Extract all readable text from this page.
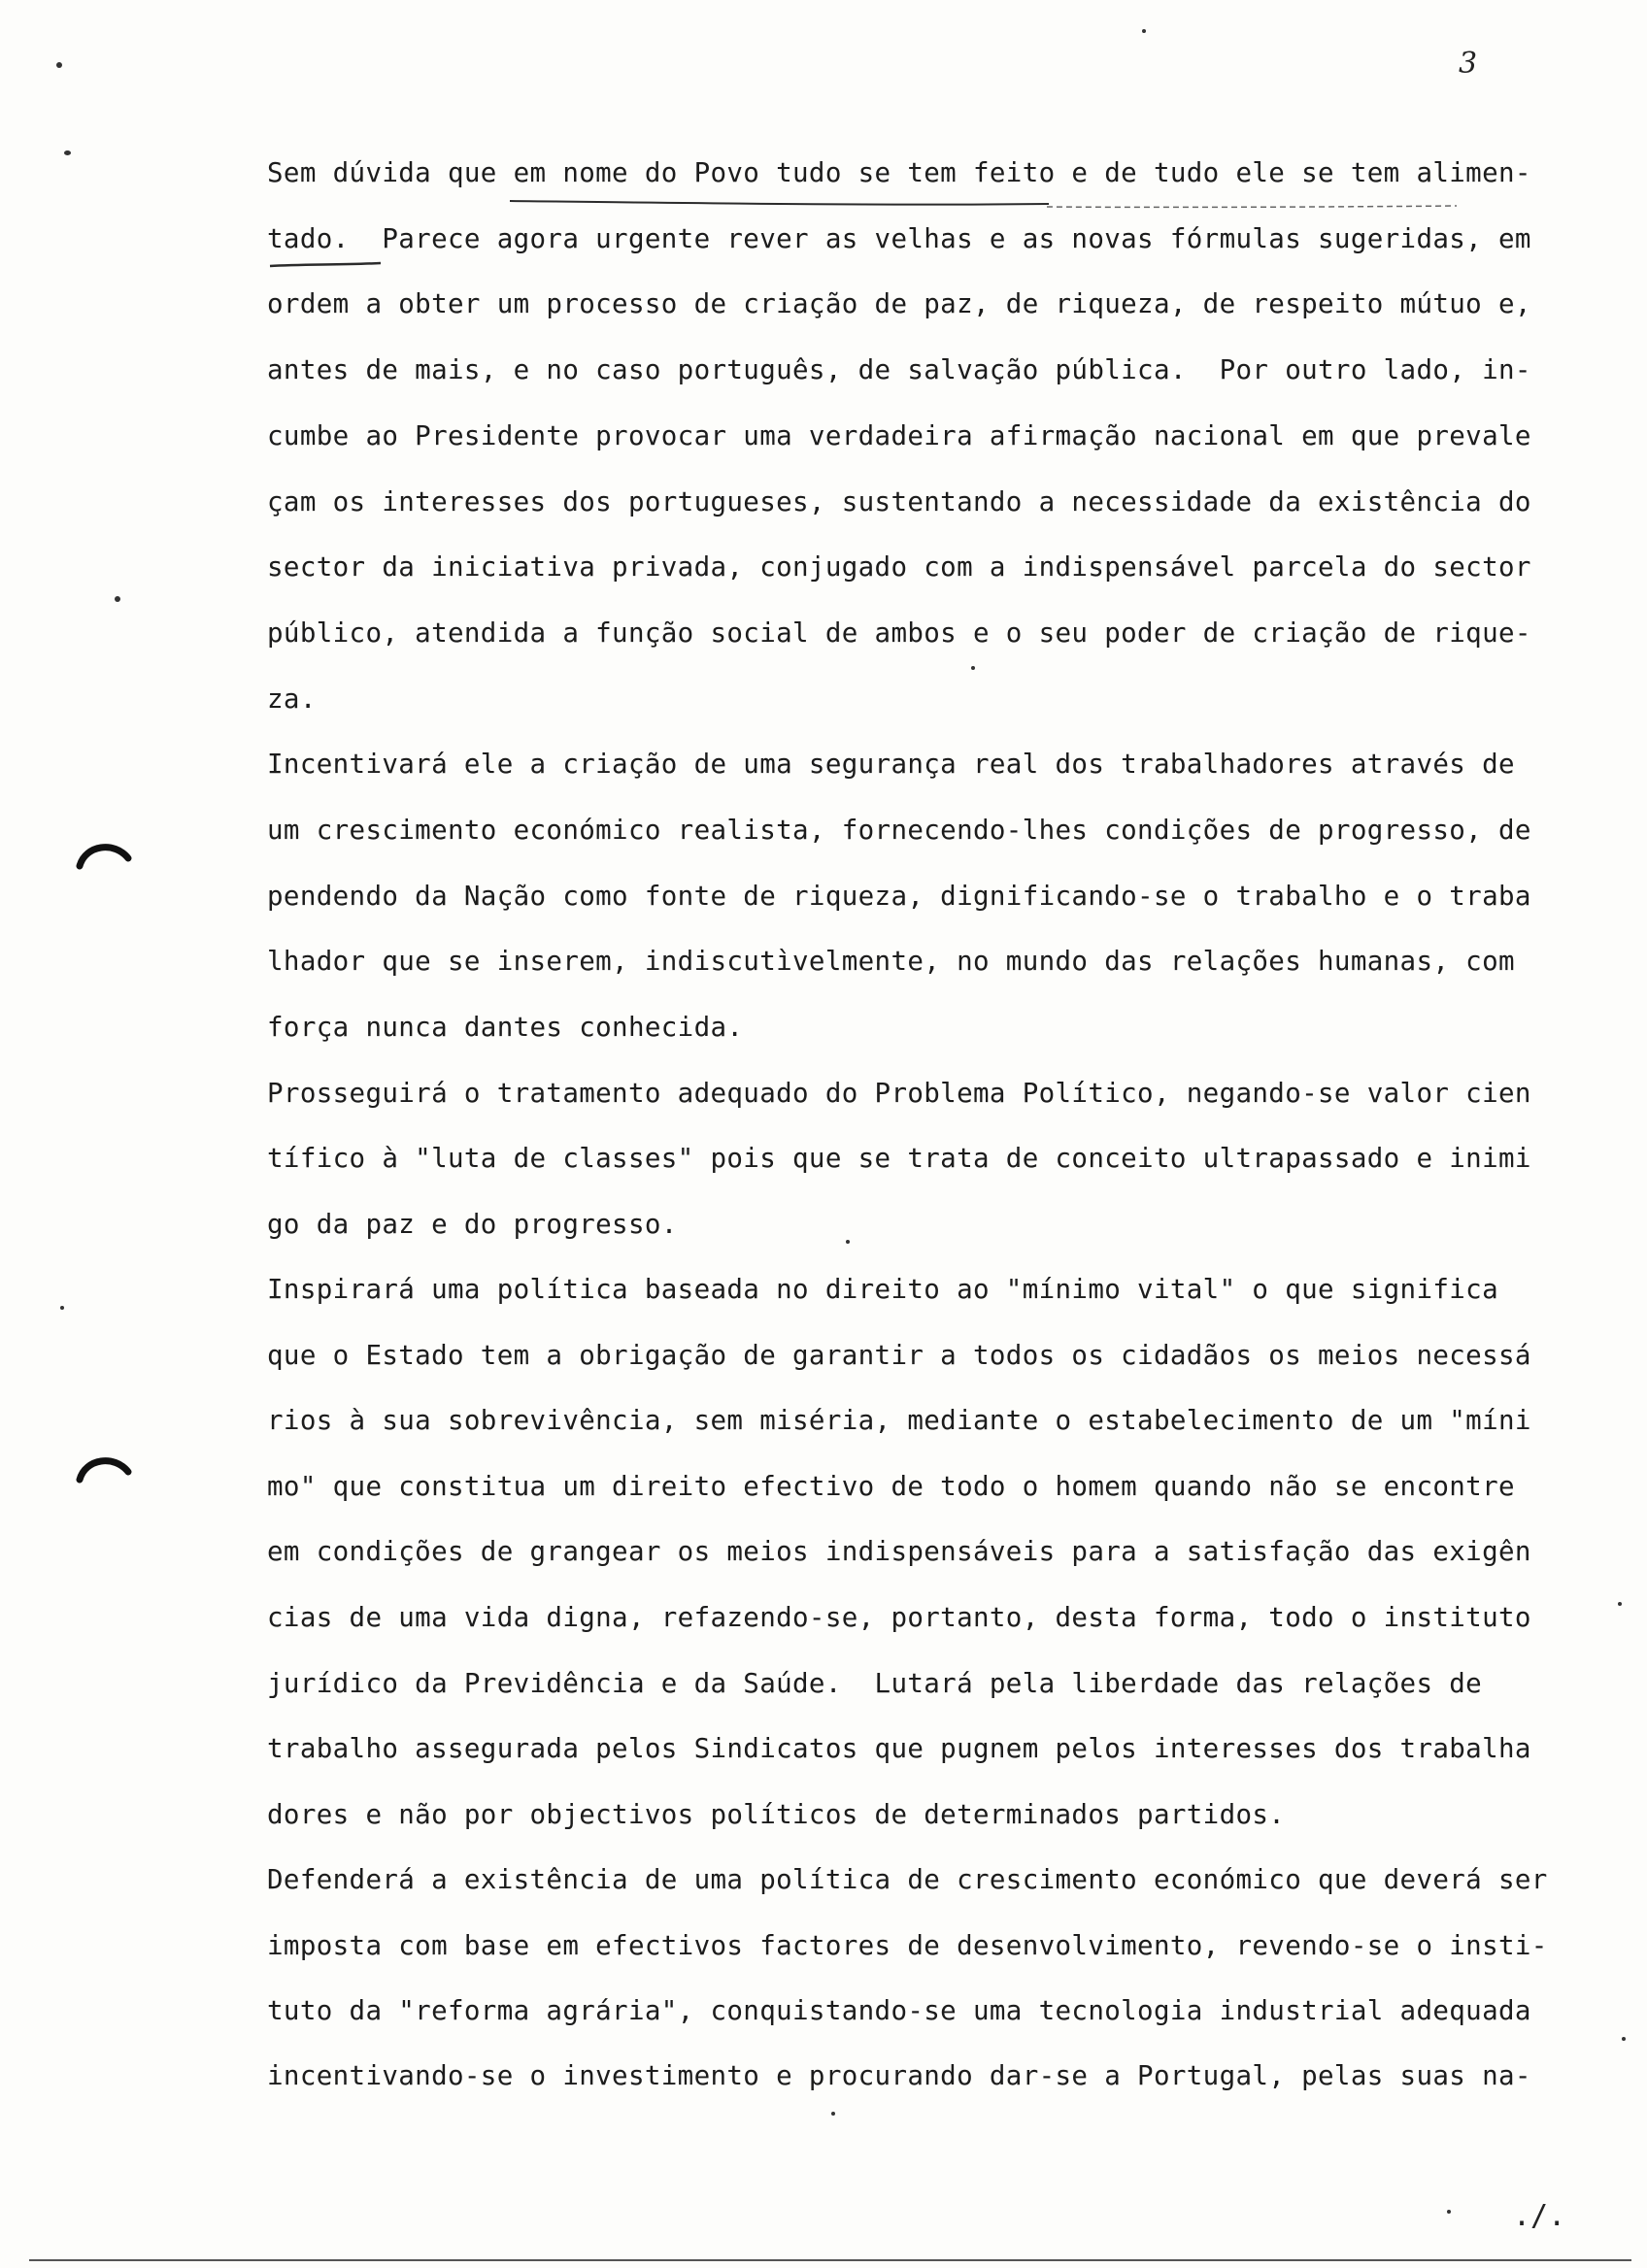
3
Sem dúvida que em nome do Povo tudo se tem feito e de tudo ele se tem alimen-
tado.  Parece agora urgente rever as velhas e as novas fórmulas sugeridas, em
ordem a obter um processo de criação de paz, de riqueza, de respeito mútuo e,
antes de mais, e no caso português, de salvação pública.  Por outro lado, in-
cumbe ao Presidente provocar uma verdadeira afirmação nacional em que prevale
çam os interesses dos portugueses, sustentando a necessidade da existência do
sector da iniciativa privada, conjugado com a indispensável parcela do sector
público, atendida a função social de ambos e o seu poder de criação de rique-
za.
Incentivará ele a criação de uma segurança real dos trabalhadores através de
um crescimento económico realista, fornecendo-lhes condições de progresso, de
pendendo da Nação como fonte de riqueza, dignificando-se o trabalho e o traba
lhador que se inserem, indiscutìvelmente, no mundo das relações humanas, com
força nunca dantes conhecida.
Prosseguirá o tratamento adequado do Problema Político, negando-se valor cien
tífico à "luta de classes" pois que se trata de conceito ultrapassado e inimi
go da paz e do progresso.
Inspirará uma política baseada no direito ao "mínimo vital" o que significa
que o Estado tem a obrigação de garantir a todos os cidadãos os meios necessá
rios à sua sobrevivência, sem miséria, mediante o estabelecimento de um "míni
mo" que constitua um direito efectivo de todo o homem quando não se encontre
em condições de grangear os meios indispensáveis para a satisfação das exigên
cias de uma vida digna, refazendo-se, portanto, desta forma, todo o instituto
jurídico da Previdência e da Saúde.  Lutará pela liberdade das relações de
trabalho assegurada pelos Sindicatos que pugnem pelos interesses dos trabalha
dores e não por objectivos políticos de determinados partidos.
Defenderá a existência de uma política de crescimento económico que deverá ser
imposta com base em efectivos factores de desenvolvimento, revendo-se o insti-
tuto da "reforma agrária", conquistando-se uma tecnologia industrial adequada
incentivando-se o investimento e procurando dar-se a Portugal, pelas suas na-
./.
